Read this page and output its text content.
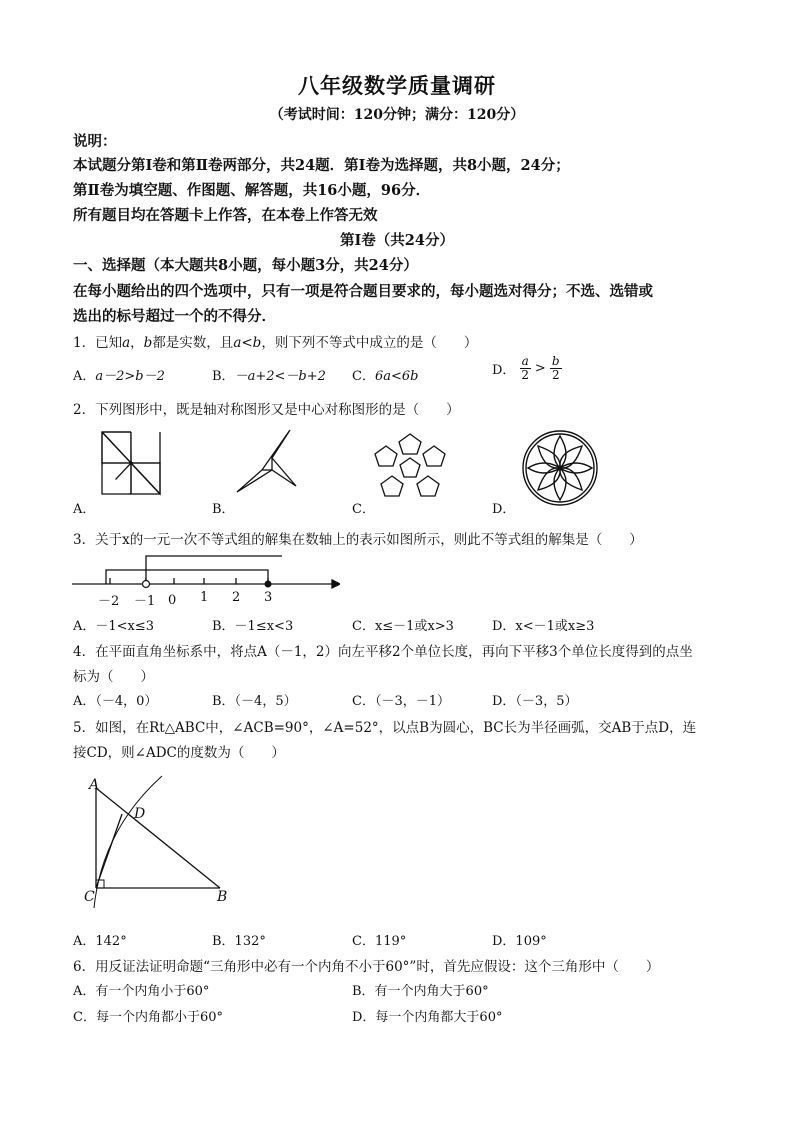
八年级数学质量调研
（考试时间：120分钟；满分：120分）
说明：
本试题分第Ⅰ卷和第Ⅱ卷两部分，共24题．第Ⅰ卷为选择题，共8小题，24分；
第Ⅱ卷为填空题、作图题、解答题，共16小题，96分．
所有题目均在答题卡上作答，在本卷上作答无效
第Ⅰ卷（共24分）
一、选择题（本大题共8小题，每小题3分，共24分）
在每小题给出的四个选项中，只有一项是符合题目要求的，每小题选对得分；不选、选错或
选出的标号超过一个的不得分．
1．已知a，b都是实数，且a<b，则下列不等式中成立的是（　　）
A．a－2>b－2	B．－a+2<－b+2 C．6a<6b	D． $\frac{a}{2} > \frac{b}{2}$
2．下列图形中，既是轴对称图形又是中心对称图形的是（　　）
A．	B．	C．	D．
3．关于x的一元一次不等式组的解集在数轴上的表示如图所示，则此不等式组的解集是（　　）
－2 －1 0 1 2 3
A．－1<x≤3	B．－1≤x<3	C．x≤－1或x>3	D．x<－1或x≥3
4．在平面直角坐标系中，将点A（－1，2）向左平移2个单位长度，再向下平移3个单位长度得到的点坐
标为（　　）
A．（－4，0）	B．（－4，5）	C．（－3，－1）	D．（－3，5）
5．如图，在Rt△ABC中，∠ACB=90°，∠A=52°，以点B为圆心，BC长为半径画弧，交AB于点D，连
接CD，则∠ADC的度数为（　　）
A
D
C	B
A．142°	B．132°	C．119°	D．109°
6．用反证法证明命题“三角形中必有一个内角不小于60°”时，首先应假设：这个三角形中（　　）
A．有一个内角小于60°	B．有一个内角大于60°
C．每一个内角都小于60°	D．每一个内角都大于60°
